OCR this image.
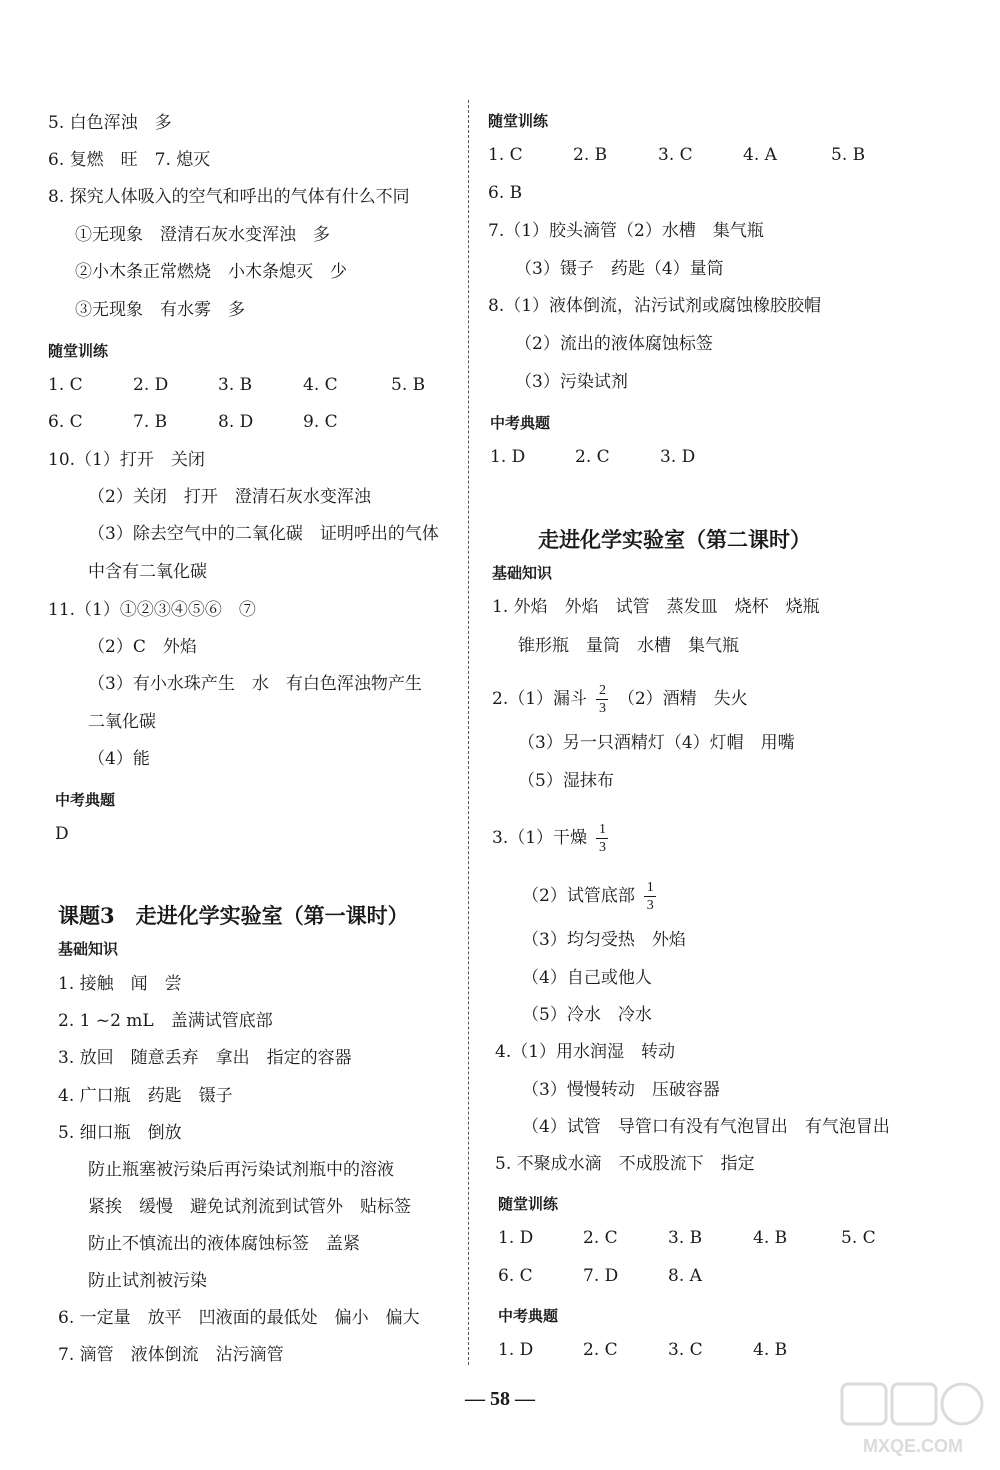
5. 白色浑浊　多
6. 复燃　旺　7. 熄灭
8. 探究人体吸入的空气和呼出的气体有什么不同
①无现象　澄清石灰水变浑浊　多
②小木条正常燃烧　小木条熄灭　少
③无现象　有水雾　多
随堂训练
1. C	2. D	3. B	4. C	5. B
6. C	7. B	8. D	9. C
10.（1）打开　关闭
（2）关闭　打开　澄清石灰水变浑浊
（3）除去空气中的二氧化碳　证明呼出的气体
中含有二氧化碳
11.（1）①②③④⑤⑥　⑦
（2）C　外焰
（3）有小水珠产生　水　有白色浑浊物产生
二氧化碳
（4）能
中考典题
D
课题3　走进化学实验室（第一课时）
基础知识
1. 接触　闻　尝
2. 1 ~2 mL　盖满试管底部
3. 放回　随意丢弃　拿出　指定的容器
4. 广口瓶　药匙　镊子
5. 细口瓶　倒放
防止瓶塞被污染后再污染试剂瓶中的溶液
紧挨　缓慢　避免试剂流到试管外　贴标签
防止不慎流出的液体腐蚀标签　盖紧
防止试剂被污染
6. 一定量　放平　凹液面的最低处　偏小　偏大
7. 滴管　液体倒流　沾污滴管
随堂训练
1. C	2. B	3. C	4. A	5. B
6. B
7.（1）胶头滴管（2）水槽　集气瓶
（3）镊子　药匙（4）量筒
8.（1）液体倒流，沾污试剂或腐蚀橡胶胶帽
（2）流出的液体腐蚀标签
（3）污染试剂
中考典题
1. D	2. C	3. D
走进化学实验室（第二课时）
基础知识
1. 外焰　外焰　试管　蒸发皿　烧杯　烧瓶
锥形瓶　量筒　水槽　集气瓶
2.（1）漏斗 $\frac{2}{3} (2)$酒精　失火
（3）另一只酒精灯（4）灯帽　用嘴
（5）湿抹布
3.（1）干燥 $\frac{1}{3}$
（2）试管底部 $\frac{1}{3}$
（3）均匀受热　外焰
（4）自己或他人
（5）冷水　冷水
4.（1）用水润湿　转动
（3）慢慢转动　压破容器
（4）试管　导管口有没有气泡冒出　有气泡冒出
5. 不聚成水滴　不成股流下　指定
随堂训练
1. D	2. C	3. B	4. B	5. C
6. C	7. D	8. A
中考典题
1. D	2. C	3. C	4. B
— 58 —
MXQE.COM
